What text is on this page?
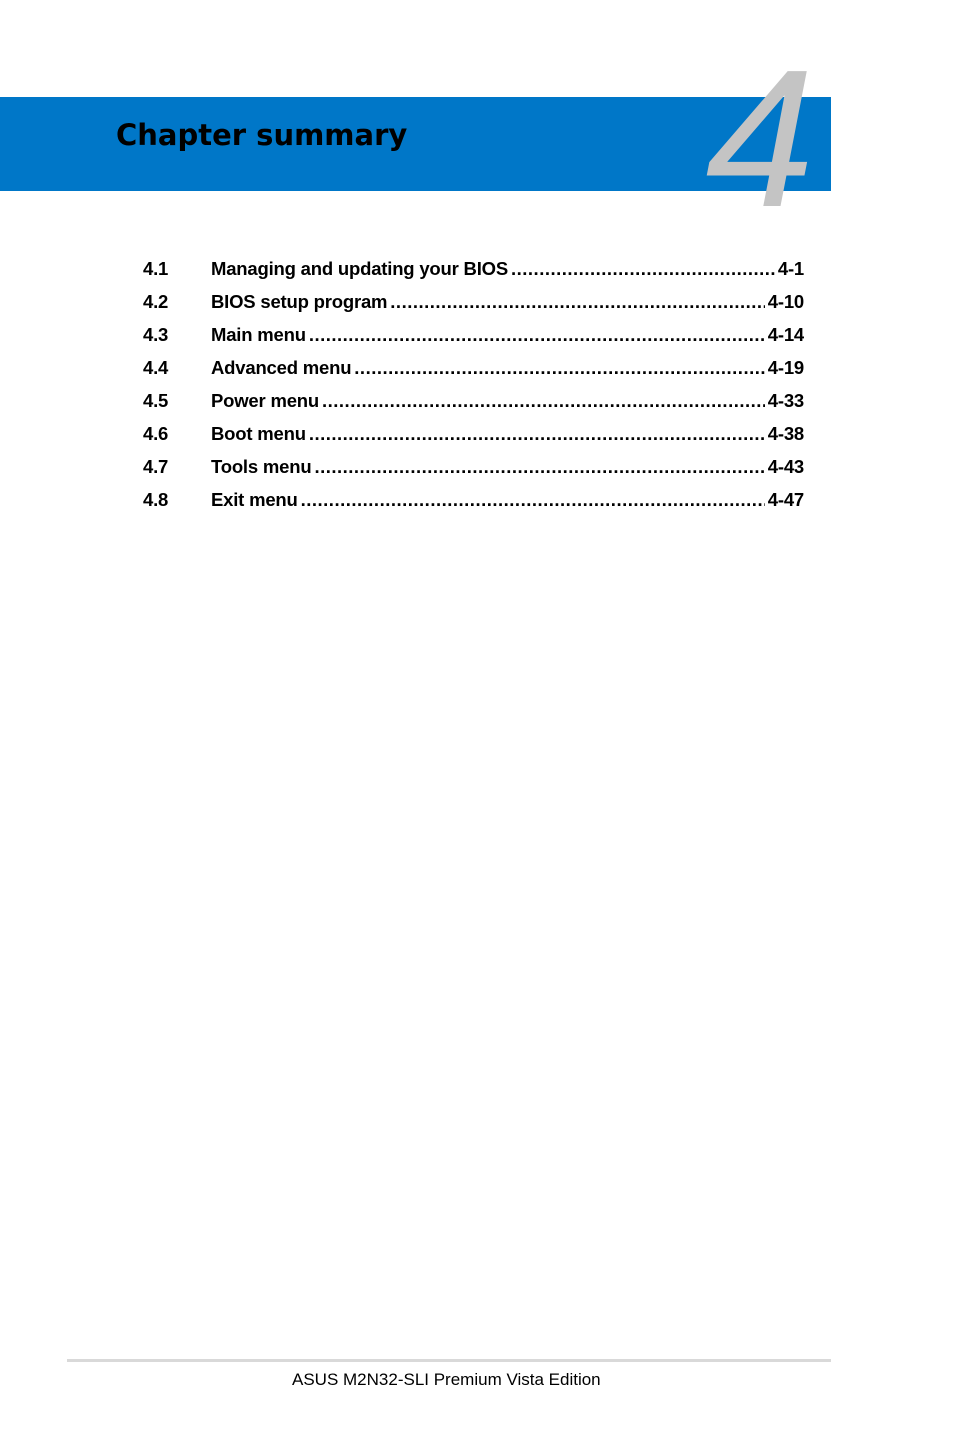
Chapter summary 4
4.1	Managing and updating your BIOS .....	4-1
4.2	BIOS setup program .....	4-10
4.3	Main menu .....	4-14
4.4	Advanced menu .....	4-19
4.5	Power menu .....	4-33
4.6	Boot menu .....	4-38
4.7	Tools menu .....	4-43
4.8	Exit menu .....	4-47
ASUS M2N32-SLI Premium Vista Edition
